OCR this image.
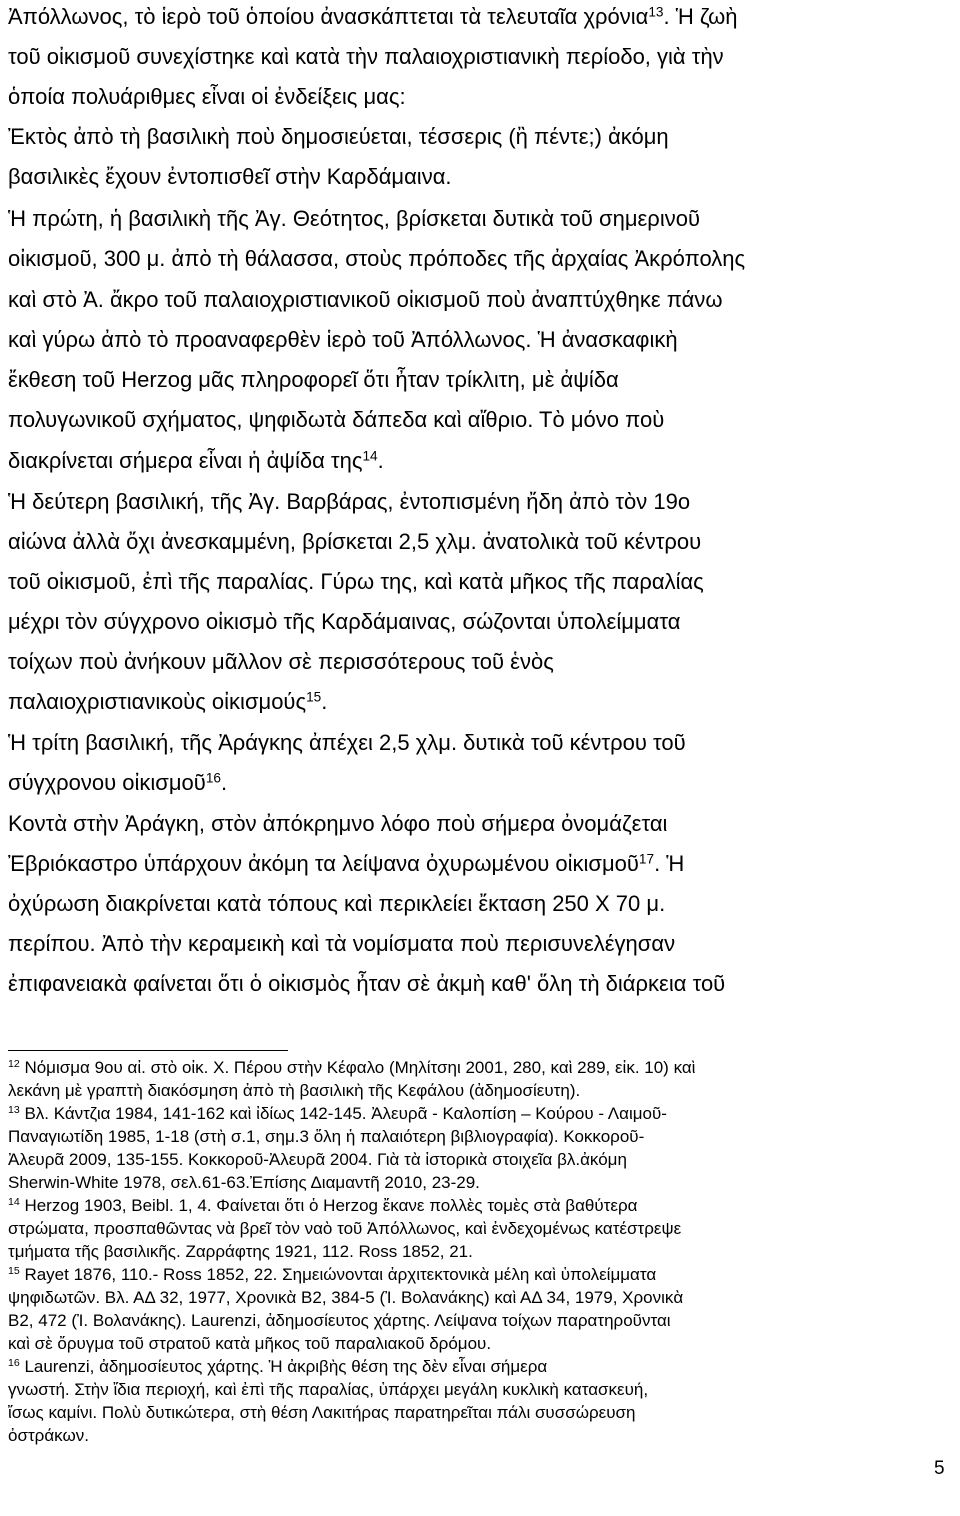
Ἀπόλλωνος, τὸ ἱερὸ τοῦ ὁποίου ἀνασκάπτεται τὰ τελευταῖα χρόνια$^{13}$. Ἡ ζωὴ
τοῦ οἰκισμοῦ συνεχίστηκε καὶ κατὰ τὴν παλαιοχριστιανικὴ περίοδο, γιὰ τὴν
ὁποία πολυάριθμες εἶναι οἱ ἐνδείξεις μας:
Ἐκτὸς ἀπὸ τὴ βασιλικὴ ποὺ δημοσιεύεται, τέσσερις (ἢ πέντε;) ἀκόμη
βασιλικὲς ἔχουν ἐντοπισθεῖ στὴν Καρδάμαινα.
Ἡ πρώτη, ἡ βασιλικὴ τῆς Ἀγ. Θεότητος, βρίσκεται δυτικὰ τοῦ σημερινοῦ
οἰκισμοῦ, 300 μ. ἀπὸ τὴ θάλασσα, στοὺς πρόποδες τῆς ἀρχαίας Ἀκρόπολης
καὶ στὸ Ἀ. ἄκρο τοῦ παλαιοχριστιανικοῦ οἰκισμοῦ ποὺ ἀναπτύχθηκε πάνω
καὶ γύρω ἀπὸ τὸ προαναφερθὲν ἱερὸ τοῦ Ἀπόλλωνος. Ἡ ἀνασκαφικὴ
ἔκθεση τοῦ Herzog μᾶς πληροφορεῖ ὅτι ἦταν τρίκλιτη, μὲ ἀψίδα
πολυγωνικοῦ σχήματος, ψηφιδωτὰ δάπεδα καὶ αἴθριο. Τὸ μόνο ποὺ
διακρίνεται σήμερα εἶναι ἡ ἀψίδα της$^{14}$.
Ἡ δεύτερη βασιλική, τῆς Ἀγ. Βαρβάρας, ἐντοπισμένη ἤδη ἀπὸ τὸν 19ο
αἰώνα ἀλλὰ ὄχι ἀνεσκαμμένη, βρίσκεται 2,5 χλμ. ἀνατολικὰ τοῦ κέντρου
τοῦ οἰκισμοῦ, ἐπὶ τῆς παραλίας. Γύρω της, καὶ κατὰ μῆκος τῆς παραλίας
μέχρι τὸν σύγχρονο οἰκισμὸ τῆς Καρδάμαινας, σώζονται ὑπολείμματα
τοίχων ποὺ ἀνήκουν μᾶλλον σὲ περισσότερους τοῦ ἑνὸς
παλαιοχριστιανικοὺς οἰκισμούς$^{15}$.
Ἡ τρίτη βασιλική, τῆς Ἀράγκης ἀπέχει 2,5 χλμ. δυτικὰ τοῦ κέντρου τοῦ
σύγχρονου οἰκισμοῦ$^{16}$.
Κοντὰ στὴν Ἀράγκη, στὸν ἀπόκρημνο λόφο ποὺ σήμερα ὀνομάζεται
Ἐβριόκαστρο ὑπάρχουν ἀκόμη τα λείψανα ὀχυρωμένου οἰκισμοῦ$^{17}$. Ἡ
ὀχύρωση διακρίνεται κατὰ τόπους καὶ περικλείει ἔκταση 250 Χ 70 μ.
περίπου. Ἀπὸ τὴν κεραμεικὴ καὶ τὰ νομίσματα ποὺ περισυνελέγησαν
ἐπιφανειακὰ φαίνεται ὅτι ὁ οἰκισμὸς ἦταν σὲ ἀκμὴ καθ' ὅλη τὴ διάρκεια τοῦ
$^{12}$ Νόμισμα 9ου αἰ. στὸ οἰκ. Χ. Πέρου στὴν Κέφαλο (Μηλίτσηι 2001, 280, καὶ 289, εἰκ. 10) καὶ
λεκάνη μὲ γραπτὴ διακόσμηση ἀπὸ τὴ βασιλικὴ τῆς Κεφάλου (ἀδημοσίευτη).
$^{13}$ Βλ. Κάντζια 1984, 141-162 καὶ ἰδίως 142-145. Ἀλευρᾶ - Καλοπίση – Κούρου - Λαιμοῦ-
Παναγιωτίδη 1985, 1-18 (στὴ σ.1, σημ.3 ὅλη ἡ παλαιότερη βιβλιογραφία). Κοκκοροῦ-
Ἀλευρᾶ 2009, 135-155. Κοκκοροῦ-Ἀλευρᾶ 2004. Γιὰ τὰ ἱστορικὰ στοιχεῖα βλ.ἀκόμη
Sherwin-White 1978, σελ.61-63.Ἐπίσης Διαμαντῆ 2010, 23-29.
$^{14}$ Herzog 1903, Beibl. 1, 4. Φαίνεται ὅτι ὁ Herzog ἔκανε πολλὲς τομὲς στὰ βαθύτερα
στρώματα, προσπαθῶντας νὰ βρεῖ τὸν ναὸ τοῦ Ἀπόλλωνος, καὶ ἐνδεχομένως κατέστρεψε
τμήματα τῆς βασιλικῆς. Ζαρράφτης 1921, 112. Ross 1852, 21.
$^{15}$ Rayet 1876, 110.- Ross 1852, 22. Σημειώνονται ἀρχιτεκτονικὰ μέλη καὶ ὑπολείμματα
ψηφιδωτῶν. Βλ. ΑΔ 32, 1977, Χρονικὰ Β2, 384-5 (Ἰ. Βολανάκης) καὶ ΑΔ 34, 1979, Χρονικὰ
Β2, 472 (Ἰ. Βολανάκης). Laurenzi, ἀδημοσίευτος χάρτης. Λείψανα τοίχων παρατηροῦνται
καὶ σὲ ὄρυγμα τοῦ στρατοῦ κατὰ μῆκος τοῦ παραλιακοῦ δρόμου.
$^{16}$ Laurenzi, ἀδημοσίευτος χάρτης. Ἡ ἀκριβὴς θέση της δὲν εἶναι σήμερα
γνωστή. Στὴν ἴδια περιοχή, καὶ ἐπὶ τῆς παραλίας, ὑπάρχει μεγάλη κυκλικὴ κατασκευή,
ἴσως καμίνι. Πολὺ δυτικώτερα, στὴ θέση Λακιτήρας παρατηρεῖται πάλι συσσώρευση
ὀστράκων.
5
